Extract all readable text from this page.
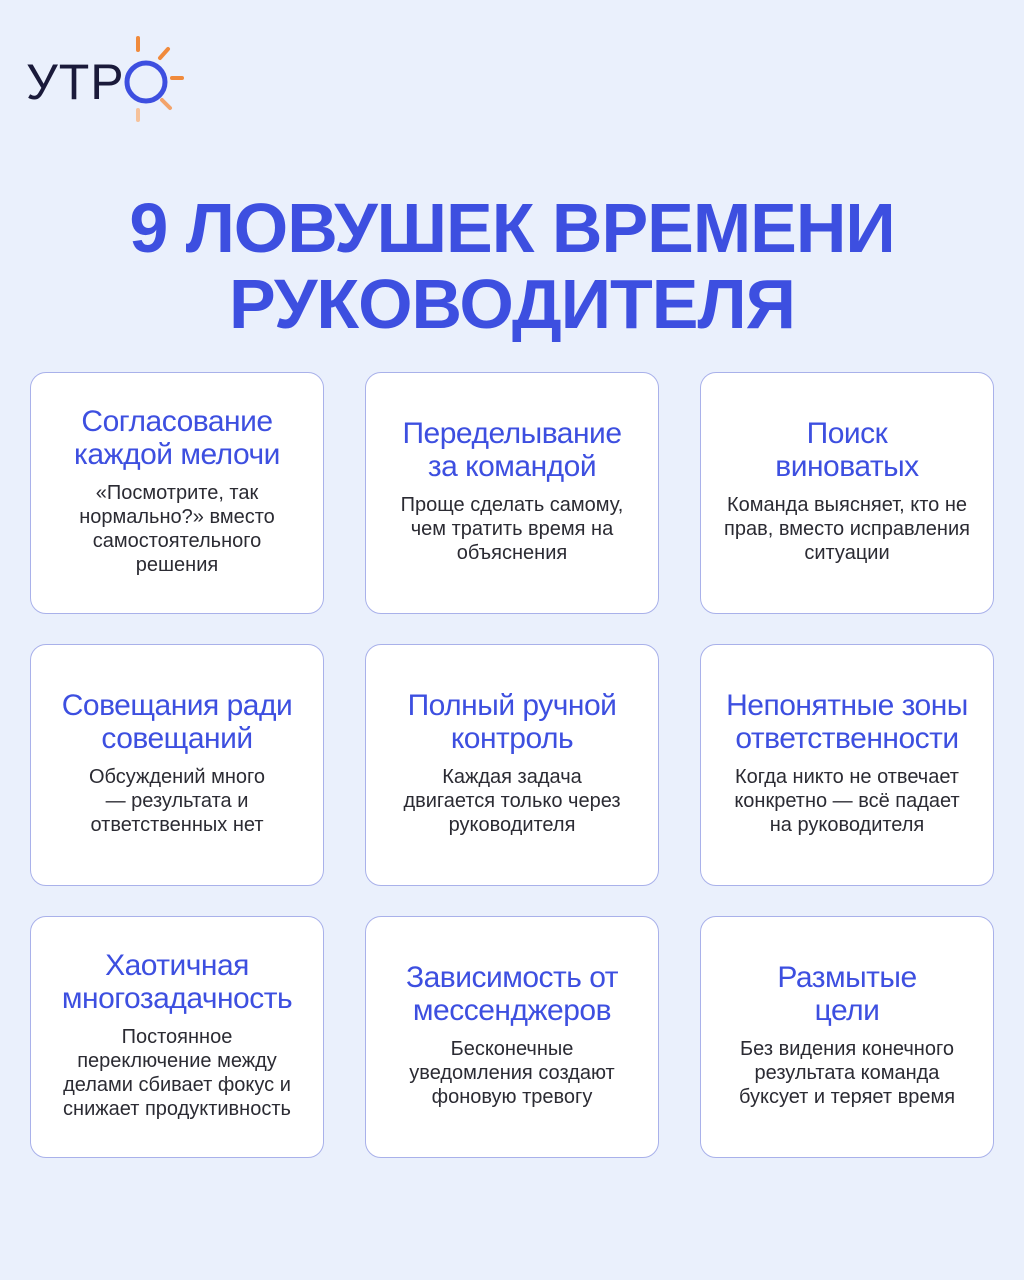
УТР
9 ЛОВУШЕК ВРЕМЕНИ
РУКОВОДИТЕЛЯ

Согласование
каждой мелочи

«Посмотрите, так
нормально?» вместо
самостоятельного
решения

Переделывание
за командой

Проще сделать самому,
чем тратить время на
объяснения

Поиск
виноватых

Команда выясняет, кто не
прав, вместо исправления
ситуации

Совещания ради
совещаний

Обсуждений много
— результата и
ответственных нет

Полный ручной
контроль

Каждая задача
двигается только через
руководителя

Непонятные зоны
ответственности

Когда никто не отвечает
конкретно — всё падает
на руководителя

Хаотичная
многозадачность

Постоянное
переключение между
делами сбивает фокус и
снижает продуктивность

Зависимость от
мессенджеров

Бесконечные
уведомления создают
фоновую тревогу

Размытые
цели

Без видения конечного
результата команда
буксует и теряет время
